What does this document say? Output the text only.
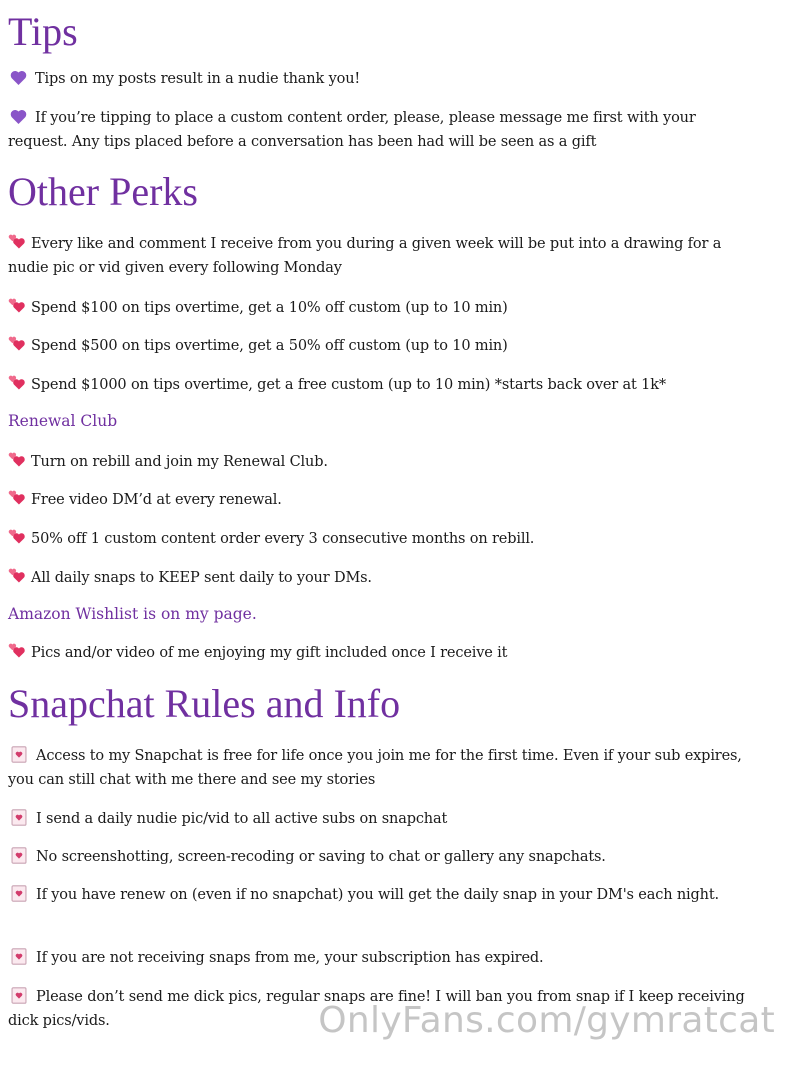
Tips
Tips on my posts result in a nudie thank you!
If you’re tipping to place a custom content order, please, please message me first with your request. Any tips placed before a conversation has been had will be seen as a gift
Other Perks
Every like and comment I receive from you during a given week will be put into a drawing for a nudie pic or vid given every following Monday
Spend $100 on tips overtime, get a 10% off custom (up to 10 min)
Spend $500 on tips overtime, get a 50% off custom (up to 10 min)
Spend $1000 on tips overtime, get a free custom (up to 10 min) *starts back over at 1k*
Renewal Club
Turn on rebill and join my Renewal Club.
Free video DM’d at every renewal.
50% off 1 custom content order every 3 consecutive months on rebill.
All daily snaps to KEEP sent daily to your DMs.
Amazon Wishlist is on my page.
Pics and/or video of me enjoying my gift included once I receive it
Snapchat Rules and Info
Access to my Snapchat is free for life once you join me for the first time. Even if your sub expires, you can still chat with me there and see my stories
I send a daily nudie pic/vid to all active subs on snapchat
No screenshotting, screen-recoding or saving to chat or gallery any snapchats.
If you have renew on (even if no snapchat) you will get the daily snap in your DM's each night.
If you are not receiving snaps from me, your subscription has expired.
Please don’t send me dick pics, regular snaps are fine! I will ban you from snap if I keep receiving dick pics/vids.	OnlyFans.com/gymratcat
